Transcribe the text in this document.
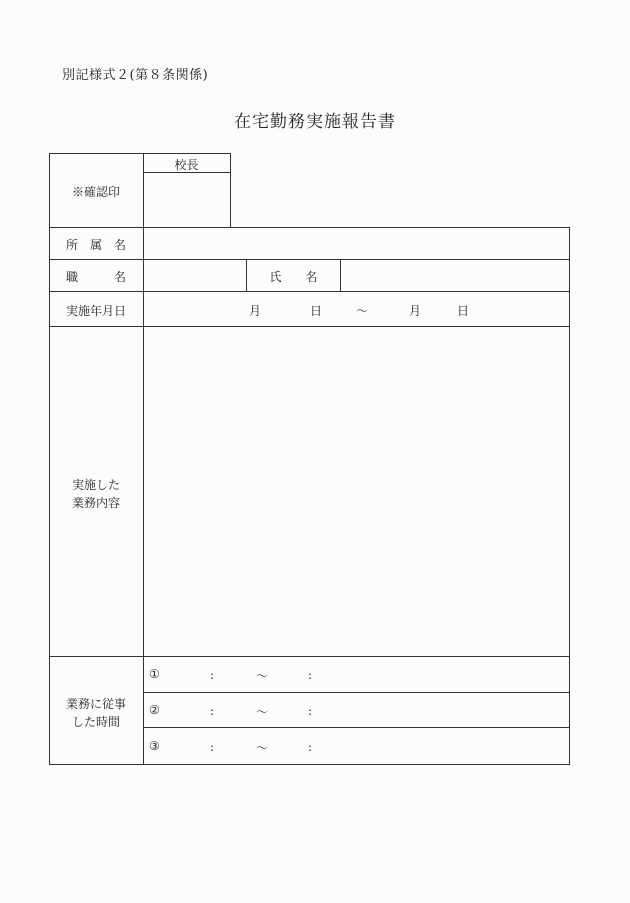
別記様式２(第８条関係)
在宅勤務実施報告書
※確認印
校長
所　属　名
職　　　名	氏　　名
実施年月日	月	日	～	月	日
実施した
業務内容
業務に従事
した時間
①	:	～	:
②	:	～	:
③	:	～	:
